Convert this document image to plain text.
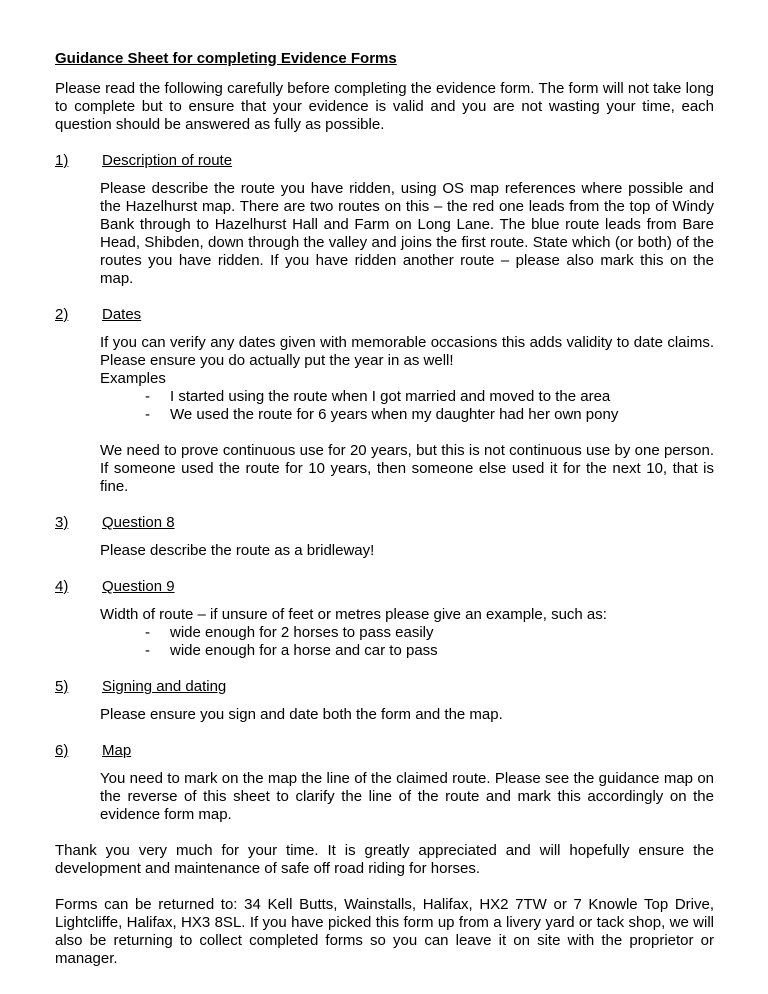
Guidance Sheet for completing Evidence Forms

Please read the following carefully before completing the evidence form. The form will not take long to complete but to ensure that your evidence is valid and you are not wasting your time, each question should be answered as fully as possible.

1) Description of route

Please describe the route you have ridden, using OS map references where possible and the Hazelhurst map. There are two routes on this – the red one leads from the top of Windy Bank through to Hazelhurst Hall and Farm on Long Lane. The blue route leads from Bare Head, Shibden, down through the valley and joins the first route. State which (or both) of the routes you have ridden. If you have ridden another route – please also mark this on the map.

2) Dates

If you can verify any dates given with memorable occasions this adds validity to date claims. Please ensure you do actually put the year in as well!

Examples
- I started using the route when I got married and moved to the area
- We used the route for 6 years when my daughter had her own pony

We need to prove continuous use for 20 years, but this is not continuous use by one person. If someone used the route for 10 years, then someone else used it for the next 10, that is fine.

3) Question 8

Please describe the route as a bridleway!

4) Question 9

Width of route – if unsure of feet or metres please give an example, such as:

- wide enough for 2 horses to pass easily
- wide enough for a horse and car to pass
5) Signing and dating

Please ensure you sign and date both the form and the map.

6) Map

You need to mark on the map the line of the claimed route. Please see the guidance map on the reverse of this sheet to clarify the line of the route and mark this accordingly on the evidence form map.

Thank you very much for your time. It is greatly appreciated and will hopefully ensure the development and maintenance of safe off road riding for horses.

Forms can be returned to: 34 Kell Butts, Wainstalls, Halifax, HX2 7TW or 7 Knowle Top Drive, Lightcliffe, Halifax, HX3 8SL. If you have picked this form up from a livery yard or tack shop, we will also be returning to collect completed forms so you can leave it on site with the proprietor or manager.
